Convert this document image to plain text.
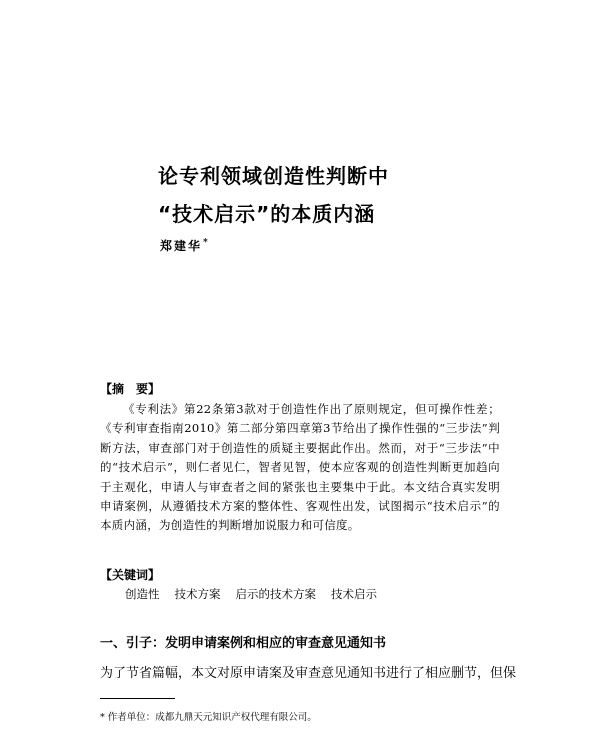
论专利领域创造性判断中
“技术启示”的本质内涵
郑建华*
【摘　要】
《专利法》第22条第3款对于创造性作出了原则规定，但可操作性差；《专利审查指南2010》第二部分第四章第3节给出了操作性强的“三步法”判断方法，审查部门对于创造性的质疑主要据此作出。然而，对于“三步法”中的“技术启示”，则仁者见仁，智者见智，使本应客观的创造性判断更加趋向于主观化，申请人与审查者之间的紧张也主要集中于此。本文结合真实发明申请案例，从遵循技术方案的整体性、客观性出发，试图揭示“技术启示”的本质内涵，为创造性的判断增加说服力和可信度。
【关键词】
创造性 技术方案 启示的技术方案 技术启示
一、引子：发明申请案例和相应的审查意见通知书
为了节省篇幅，本文对原申请案及审查意见通知书进行了相应删节，但保
* 作者单位：成都九鼎天元知识产权代理有限公司。
